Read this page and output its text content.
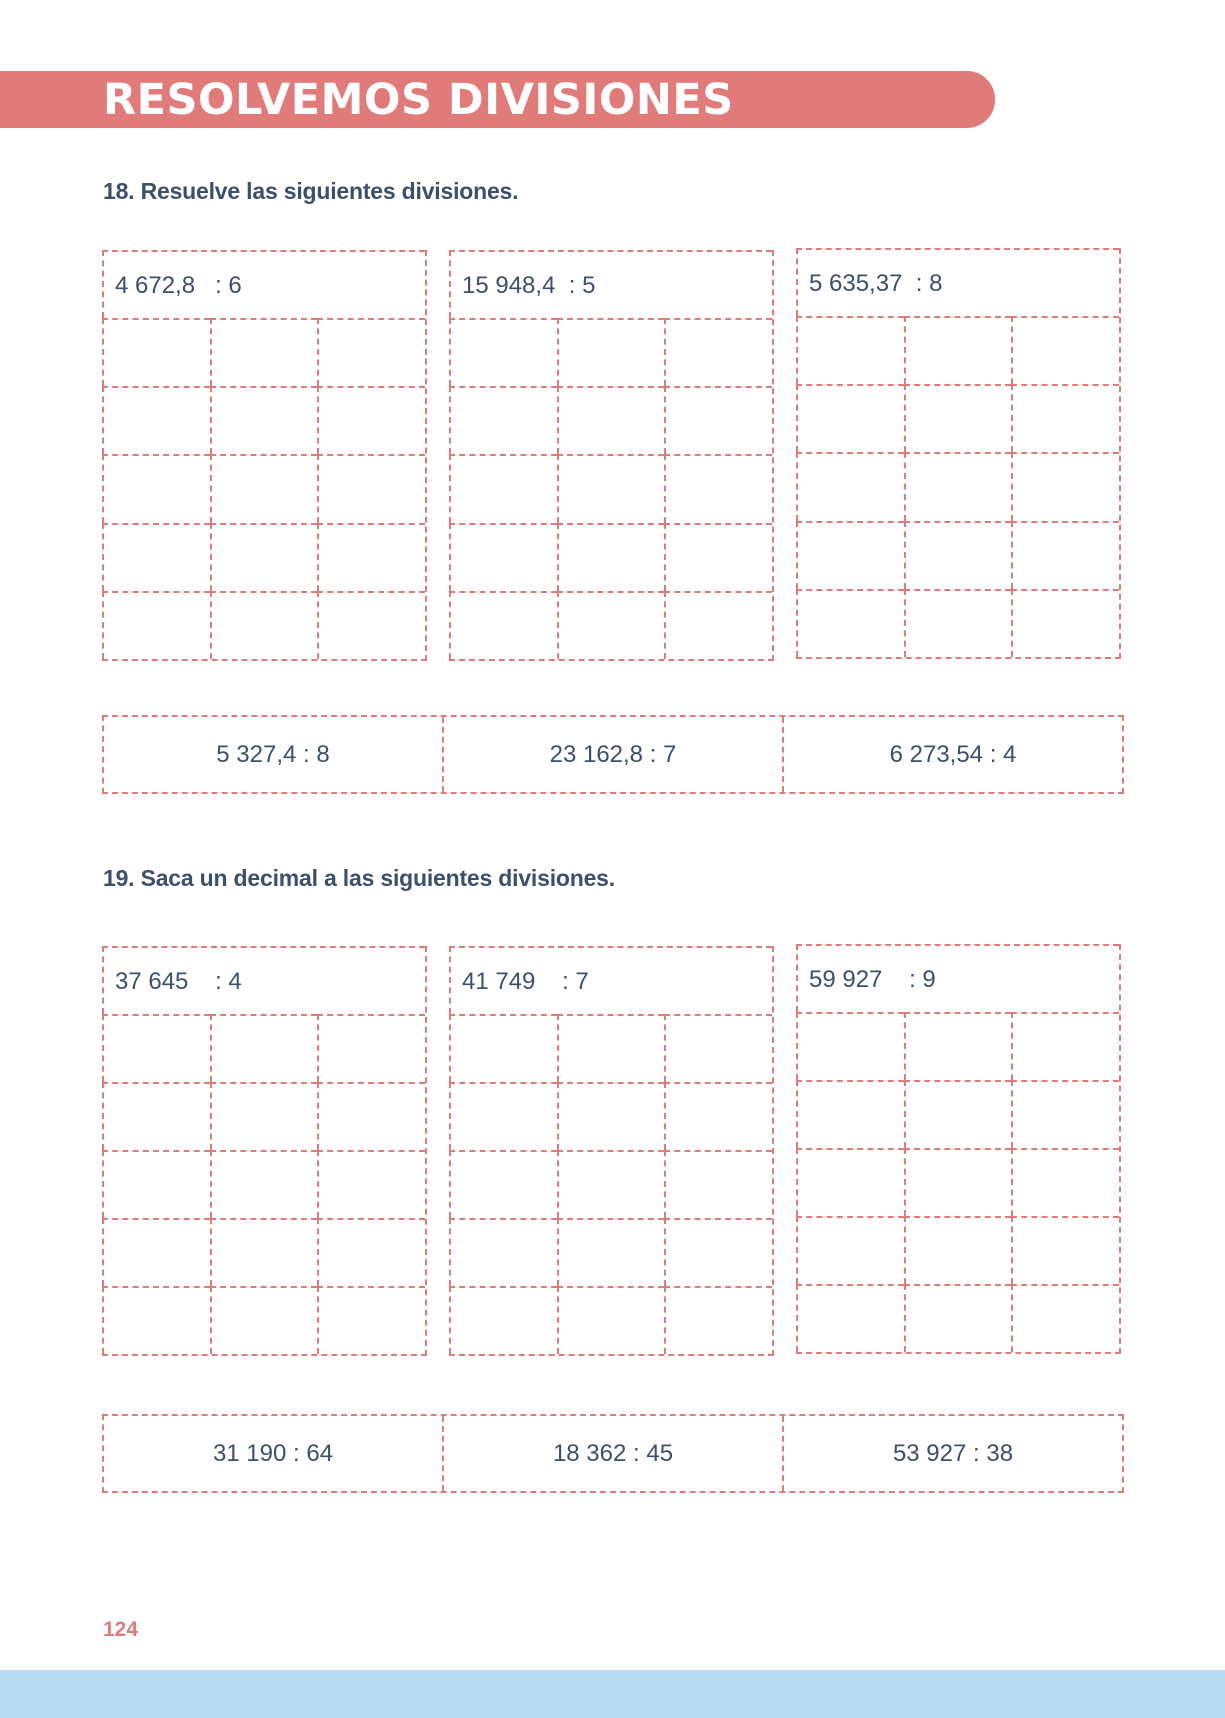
RESOLVEMOS DIVISIONES
18. Resuelve las siguientes divisiones.
4 672,8   : 6	15 948,4  : 5	5 635,37  : 8
5 327,4 : 8	23 162,8 : 7	6 273,54 : 4
19. Saca un decimal a las siguientes divisiones.
37 645    : 4	41 749    : 7	59 927    : 9
31 190 : 64	18 362 : 45	53 927 : 38
124
